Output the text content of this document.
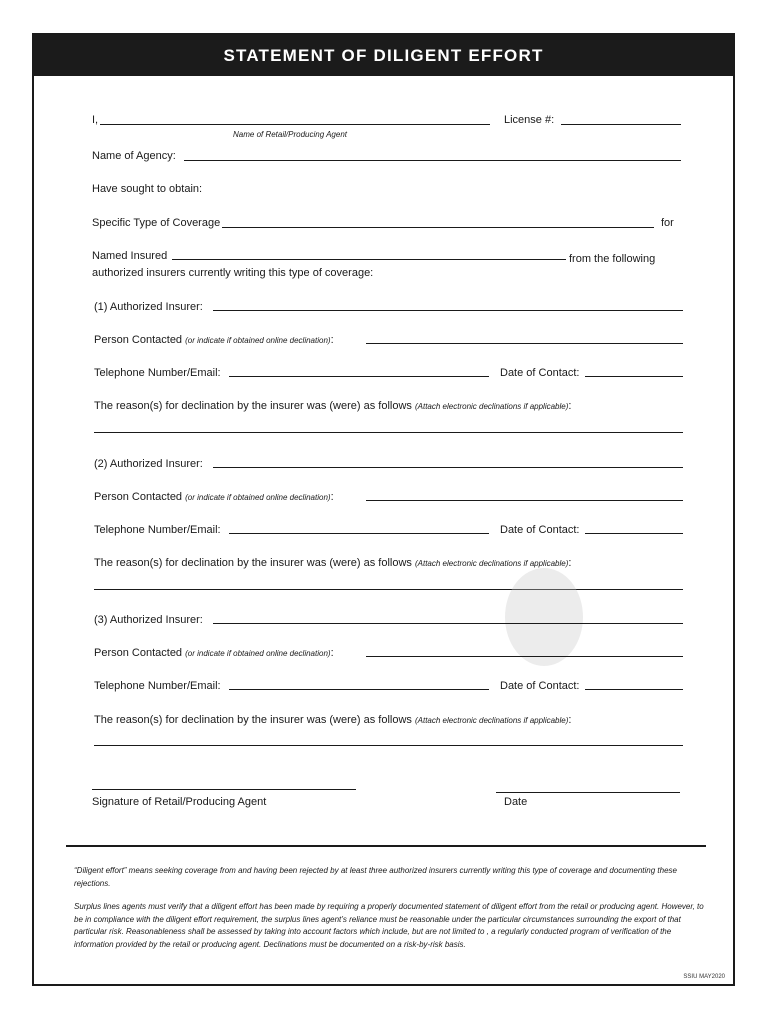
STATEMENT OF DILIGENT EFFORT
I,	License #:
Name of Retail/Producing Agent
Name of Agency:
Have sought to obtain:
Specific Type of Coverage	for
Named Insured	from the following
authorized insurers currently writing this type of coverage:
(1) Authorized Insurer:
Person Contacted (or indicate if obtained online declination):
Telephone Number/Email:	Date of Contact:
The reason(s) for declination by the insurer was (were) as follows (Attach electronic declinations if applicable):
(2) Authorized Insurer:
Person Contacted (or indicate if obtained online declination):
Telephone Number/Email:	Date of Contact:
The reason(s) for declination by the insurer was (were) as follows (Attach electronic declinations if applicable):
(3) Authorized Insurer:
Person Contacted (or indicate if obtained online declination):
Telephone Number/Email:	Date of Contact:
The reason(s) for declination by the insurer was (were) as follows (Attach electronic declinations if applicable):
Signature of Retail/Producing Agent	Date
“Diligent effort” means seeking coverage from and having been rejected by at least three authorized insurers currently writing this type of coverage and documenting these rejections.
Surplus lines agents must verify that a diligent effort has been made by requiring a properly documented statement of diligent effort from the retail or producing agent. However, to be in compliance with the diligent effort requirement, the surplus lines agent’s reliance must be reasonable under the particular circumstances surrounding the export of that particular risk. Reasonableness shall be assessed by taking into account factors which include, but are not limited to , a regularly conducted program of verification of the information provided by the retail or producing agent. Declinations must be documented on a risk-by-risk basis.
SSIU MAY2020
